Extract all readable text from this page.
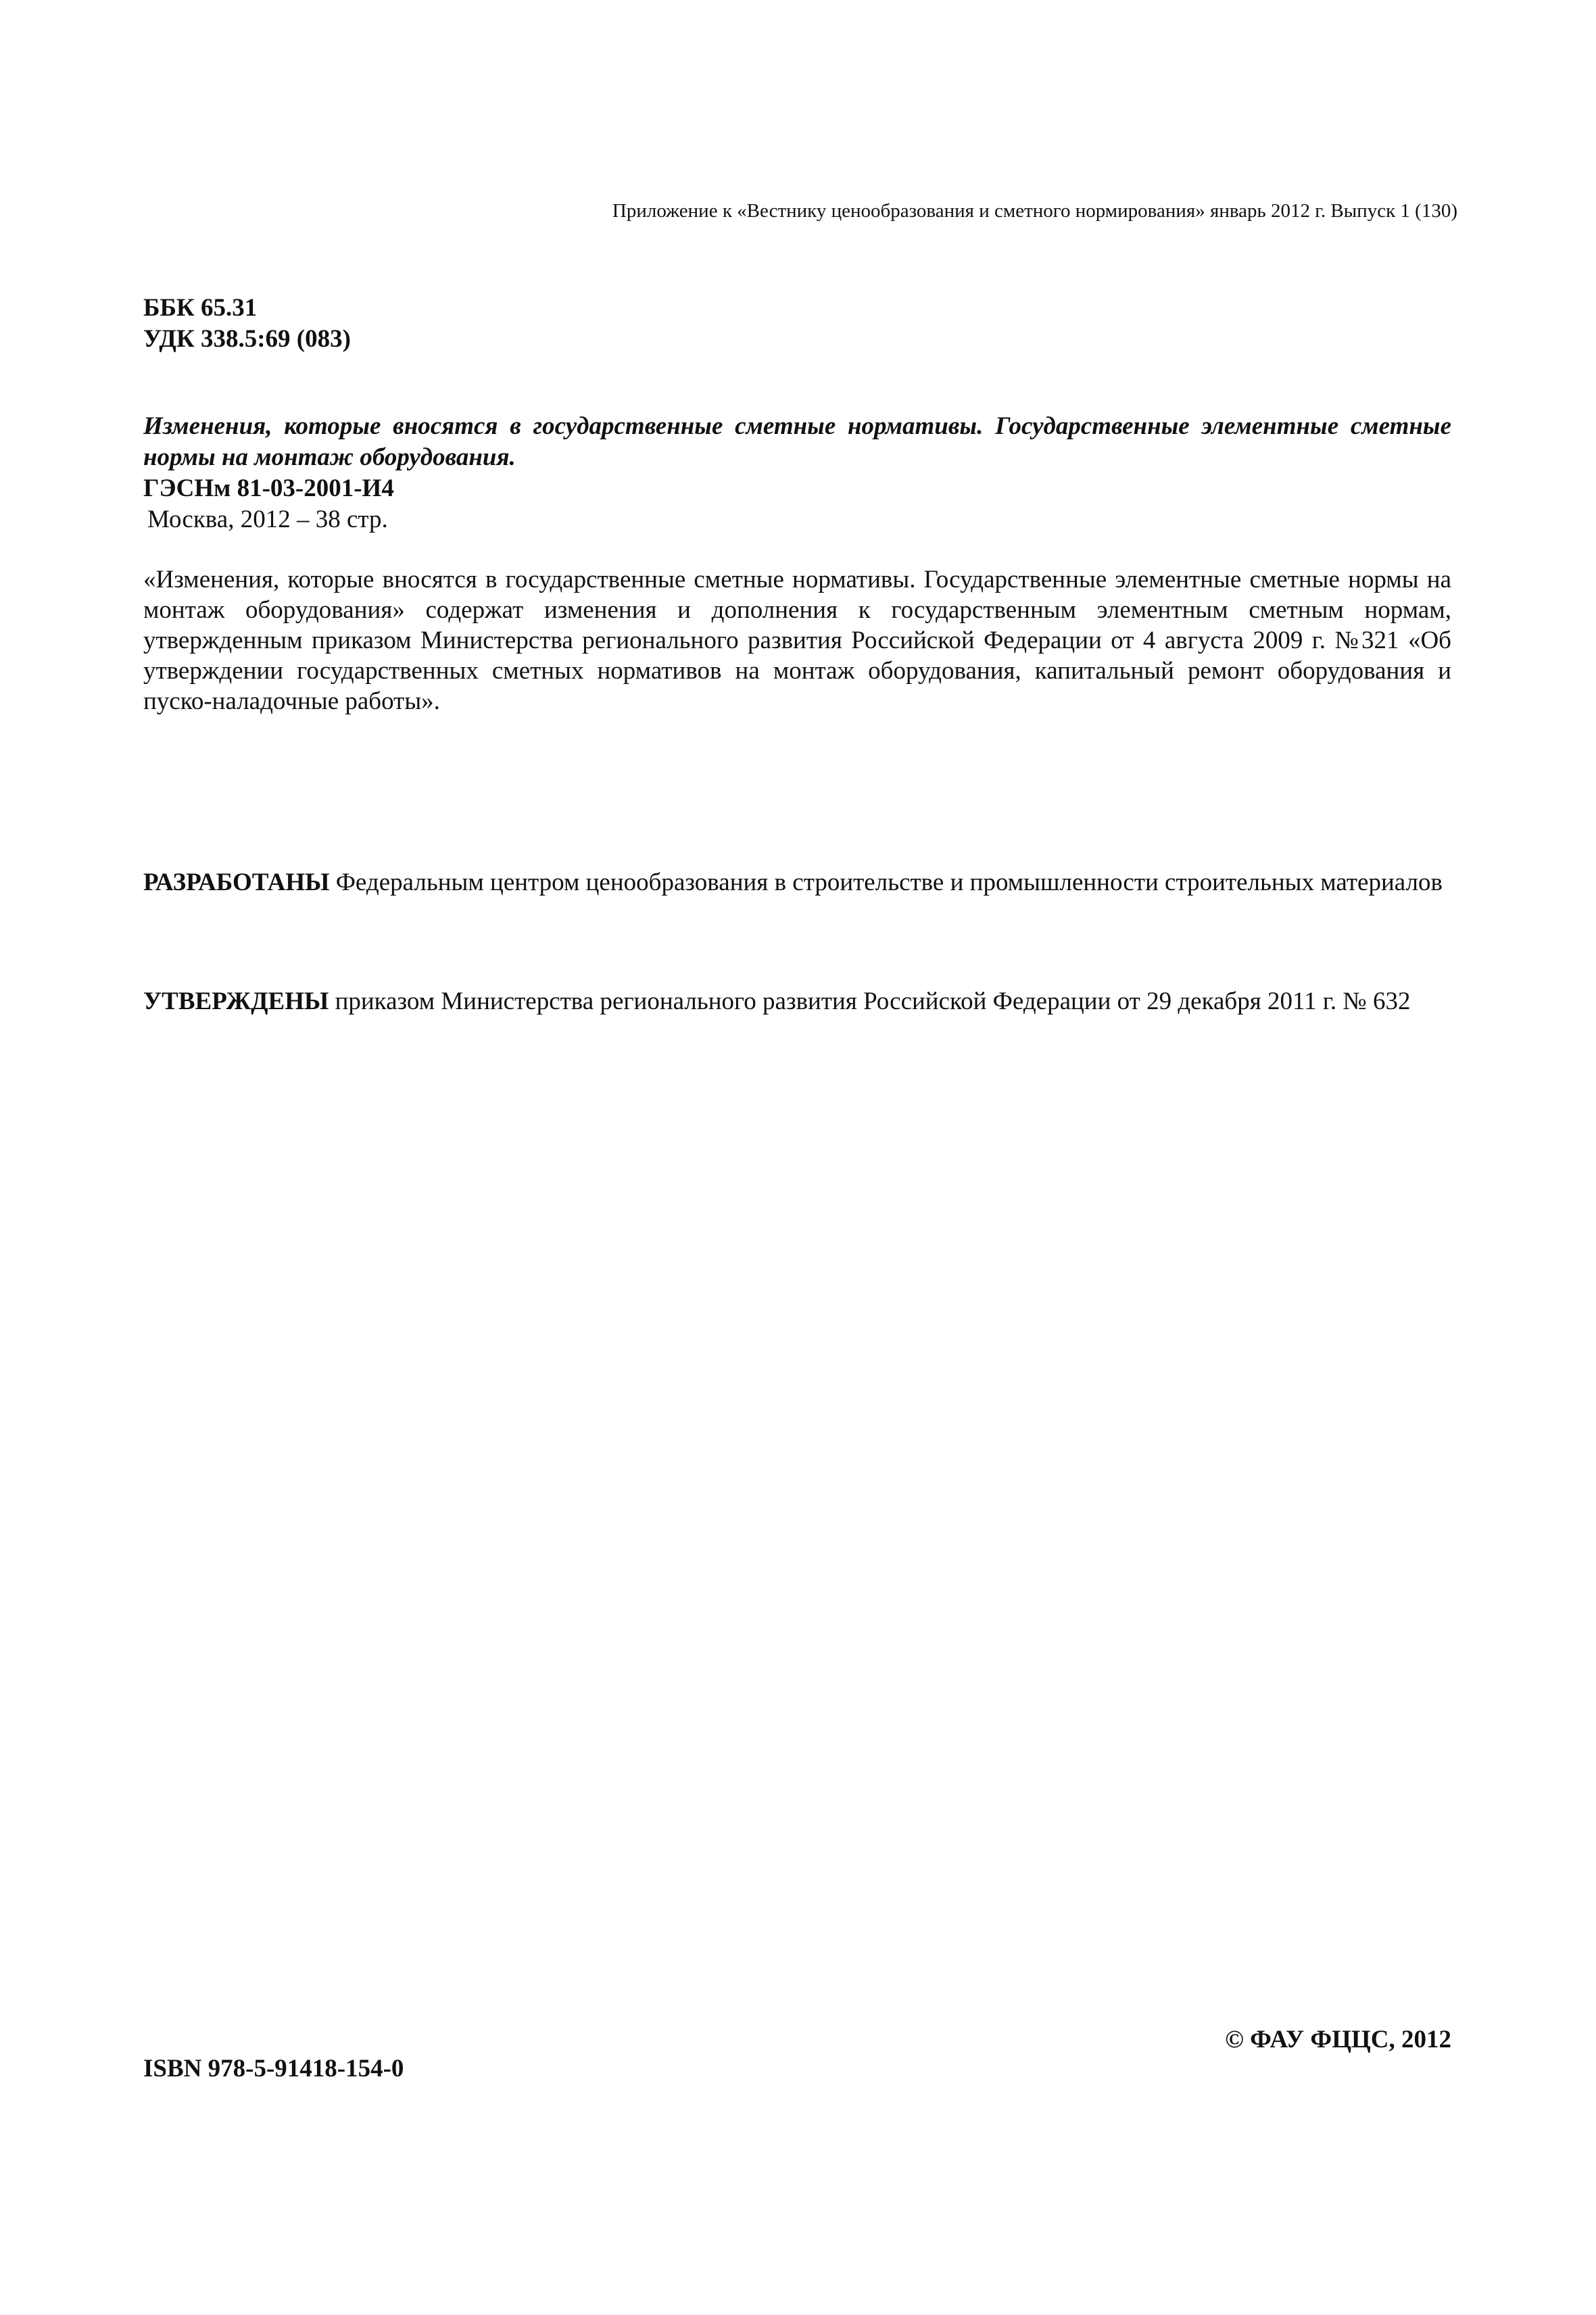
Приложение к «Вестнику ценообразования и сметного нормирования» январь 2012 г. Выпуск 1 (130)
ББК 65.31
УДК 338.5:69 (083)
Изменения, которые вносятся в государственные сметные нормативы. Государственные элементные сметные нормы на монтаж оборудования.
ГЭСНм 81-03-2001-И4
Москва, 2012 – 38 стр.
«Изменения, которые вносятся в государственные сметные нормативы. Государственные элементные сметные нормы на монтаж оборудования» содержат изменения и дополнения к государственным элементным сметным нормам, утвержденным приказом Министерства регионального развития Российской Федерации от 4 августа 2009 г. №321 «Об утверждении государственных сметных нормативов на монтаж оборудования, капитальный ремонт оборудования и пуско-наладочные работы».
РАЗРАБОТАНЫ Федеральным центром ценообразования в строительстве и промышленности строительных материалов
УТВЕРЖДЕНЫ приказом Министерства регионального развития Российской Федерации от 29 декабря 2011 г. № 632
© ФАУ ФЦЦС, 2012
ISBN 978-5-91418-154-0
